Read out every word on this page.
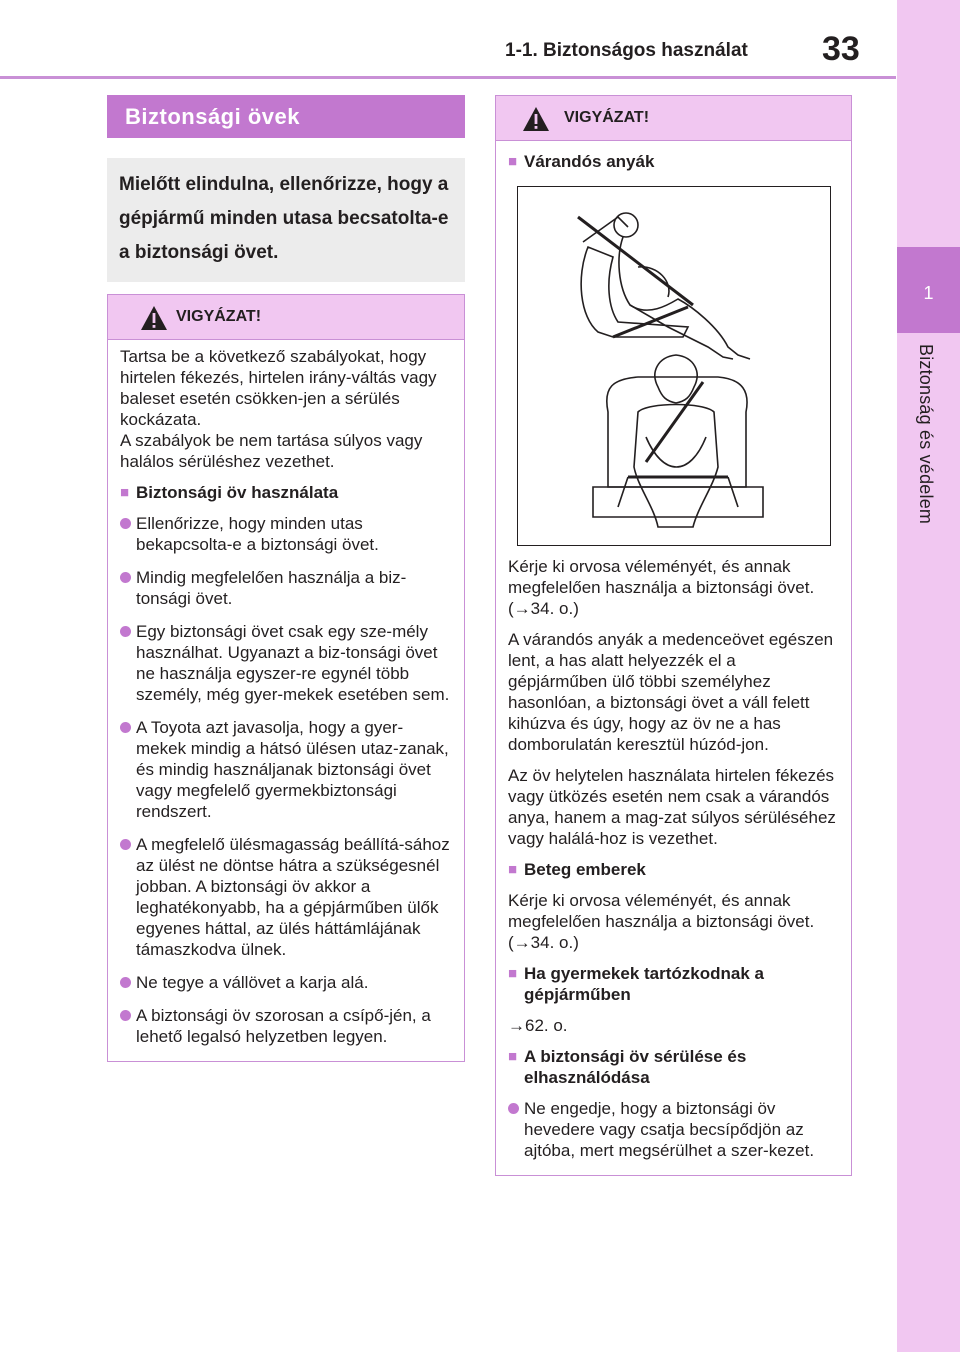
1-1. Biztonságos használat 33
1
Biztonság és védelem
Biztonsági övek
Mielőtt elindulna, ellenőrizze, hogy a gépjármű minden utasa becsatolta-e a biztonsági övet.
VIGYÁZAT!

Tartsa be a következő szabályokat, hogy hirtelen fékezés, hirtelen irány-váltás vagy baleset esetén csökken-jen a sérülés kockázata.

A szabályok be nem tartása súlyos vagy halálos sérüléshez vezethet.

■ Biztonsági öv használata
Ellenőrizze, hogy minden utas bekapcsolta-e a biztonsági övet.
Mindig megfelelően használja a biz-tonsági övet.
Egy biztonsági övet csak egy sze-mély használhat. Ugyanazt a biz-tonsági övet ne használja egyszer-re egynél több személy, még gyer-mekek esetében sem.
A Toyota azt javasolja, hogy a gyer-mekek mindig a hátsó ülésen utaz-zanak, és mindig használjanak biztonsági övet vagy megfelelő gyermekbiztonsági rendszert.
A megfelelő ülésmagasság beállítá-sához az ülést ne döntse hátra a szükségesnél jobban. A biztonsági öv akkor a leghatékonyabb, ha a gépjárműben ülők egyenes háttal, az ülés háttámlájának támaszkodva ülnek.
Ne tegye a vállövet a karja alá.
A biztonsági öv szorosan a csípő-jén, a lehető legalsó helyzetben legyen.
VIGYÁZAT!
■ Várandós anyák

Kérje ki orvosa véleményét, és annak megfelelően használja a biztonsági övet. (→34. o.)

A várandós anyák a medenceövet egészen lent, a has alatt helyezzék el a gépjárműben ülő többi személyhez hasonlóan, a biztonsági övet a váll felett kihúzva és úgy, hogy az öv ne a has domborulatán keresztül húzód-jon.

Az öv helytelen használata hirtelen fékezés vagy ütközés esetén nem csak a várandós anya, hanem a mag-zat súlyos sérüléséhez vagy halálá-hoz is vezethet.

■ Beteg emberek

Kérje ki orvosa véleményét, és annak megfelelően használja a biztonsági övet. (→34. o.)

■ Ha gyermekek tartózkodnak a gépjárműben

→62. o.

■ A biztonsági öv sérülése és elhasználódása
Ne engedje, hogy a biztonsági öv hevedere vagy csatja becsípődjön az ajtóba, mert megsérülhet a szer-kezet.
